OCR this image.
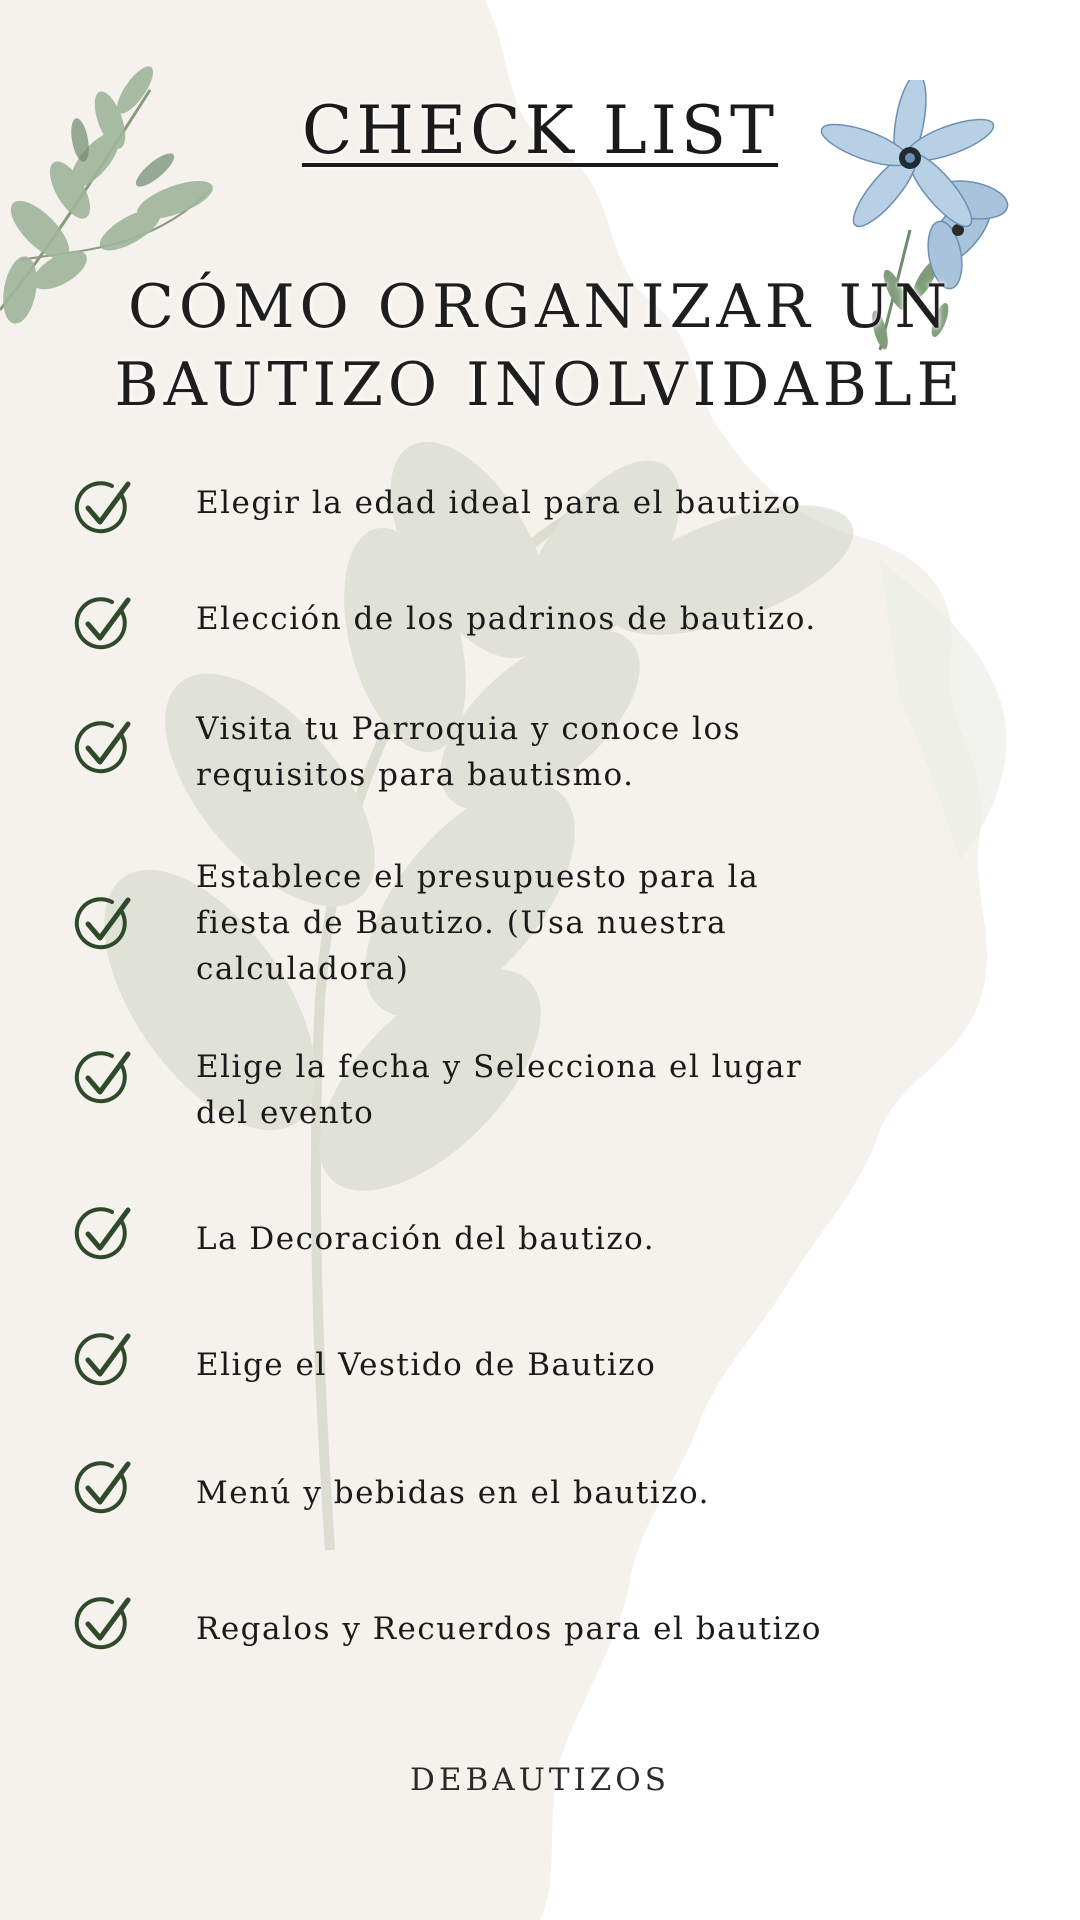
CHECK LIST
CÓMO ORGANIZAR UN
BAUTIZO INOLVIDABLE
Elegir la edad ideal para el bautizo
Elección de los padrinos de bautizo.
Visita tu Parroquia y conoce los
requisitos para bautismo.
Establece el presupuesto para la
fiesta de Bautizo. (Usa nuestra
calculadora)
Elige la fecha y Selecciona el lugar
del evento
La Decoración del bautizo.
Elige el Vestido de Bautizo
Menú y bebidas en el bautizo.
Regalos y Recuerdos para el bautizo
DEBAUTIZOS
